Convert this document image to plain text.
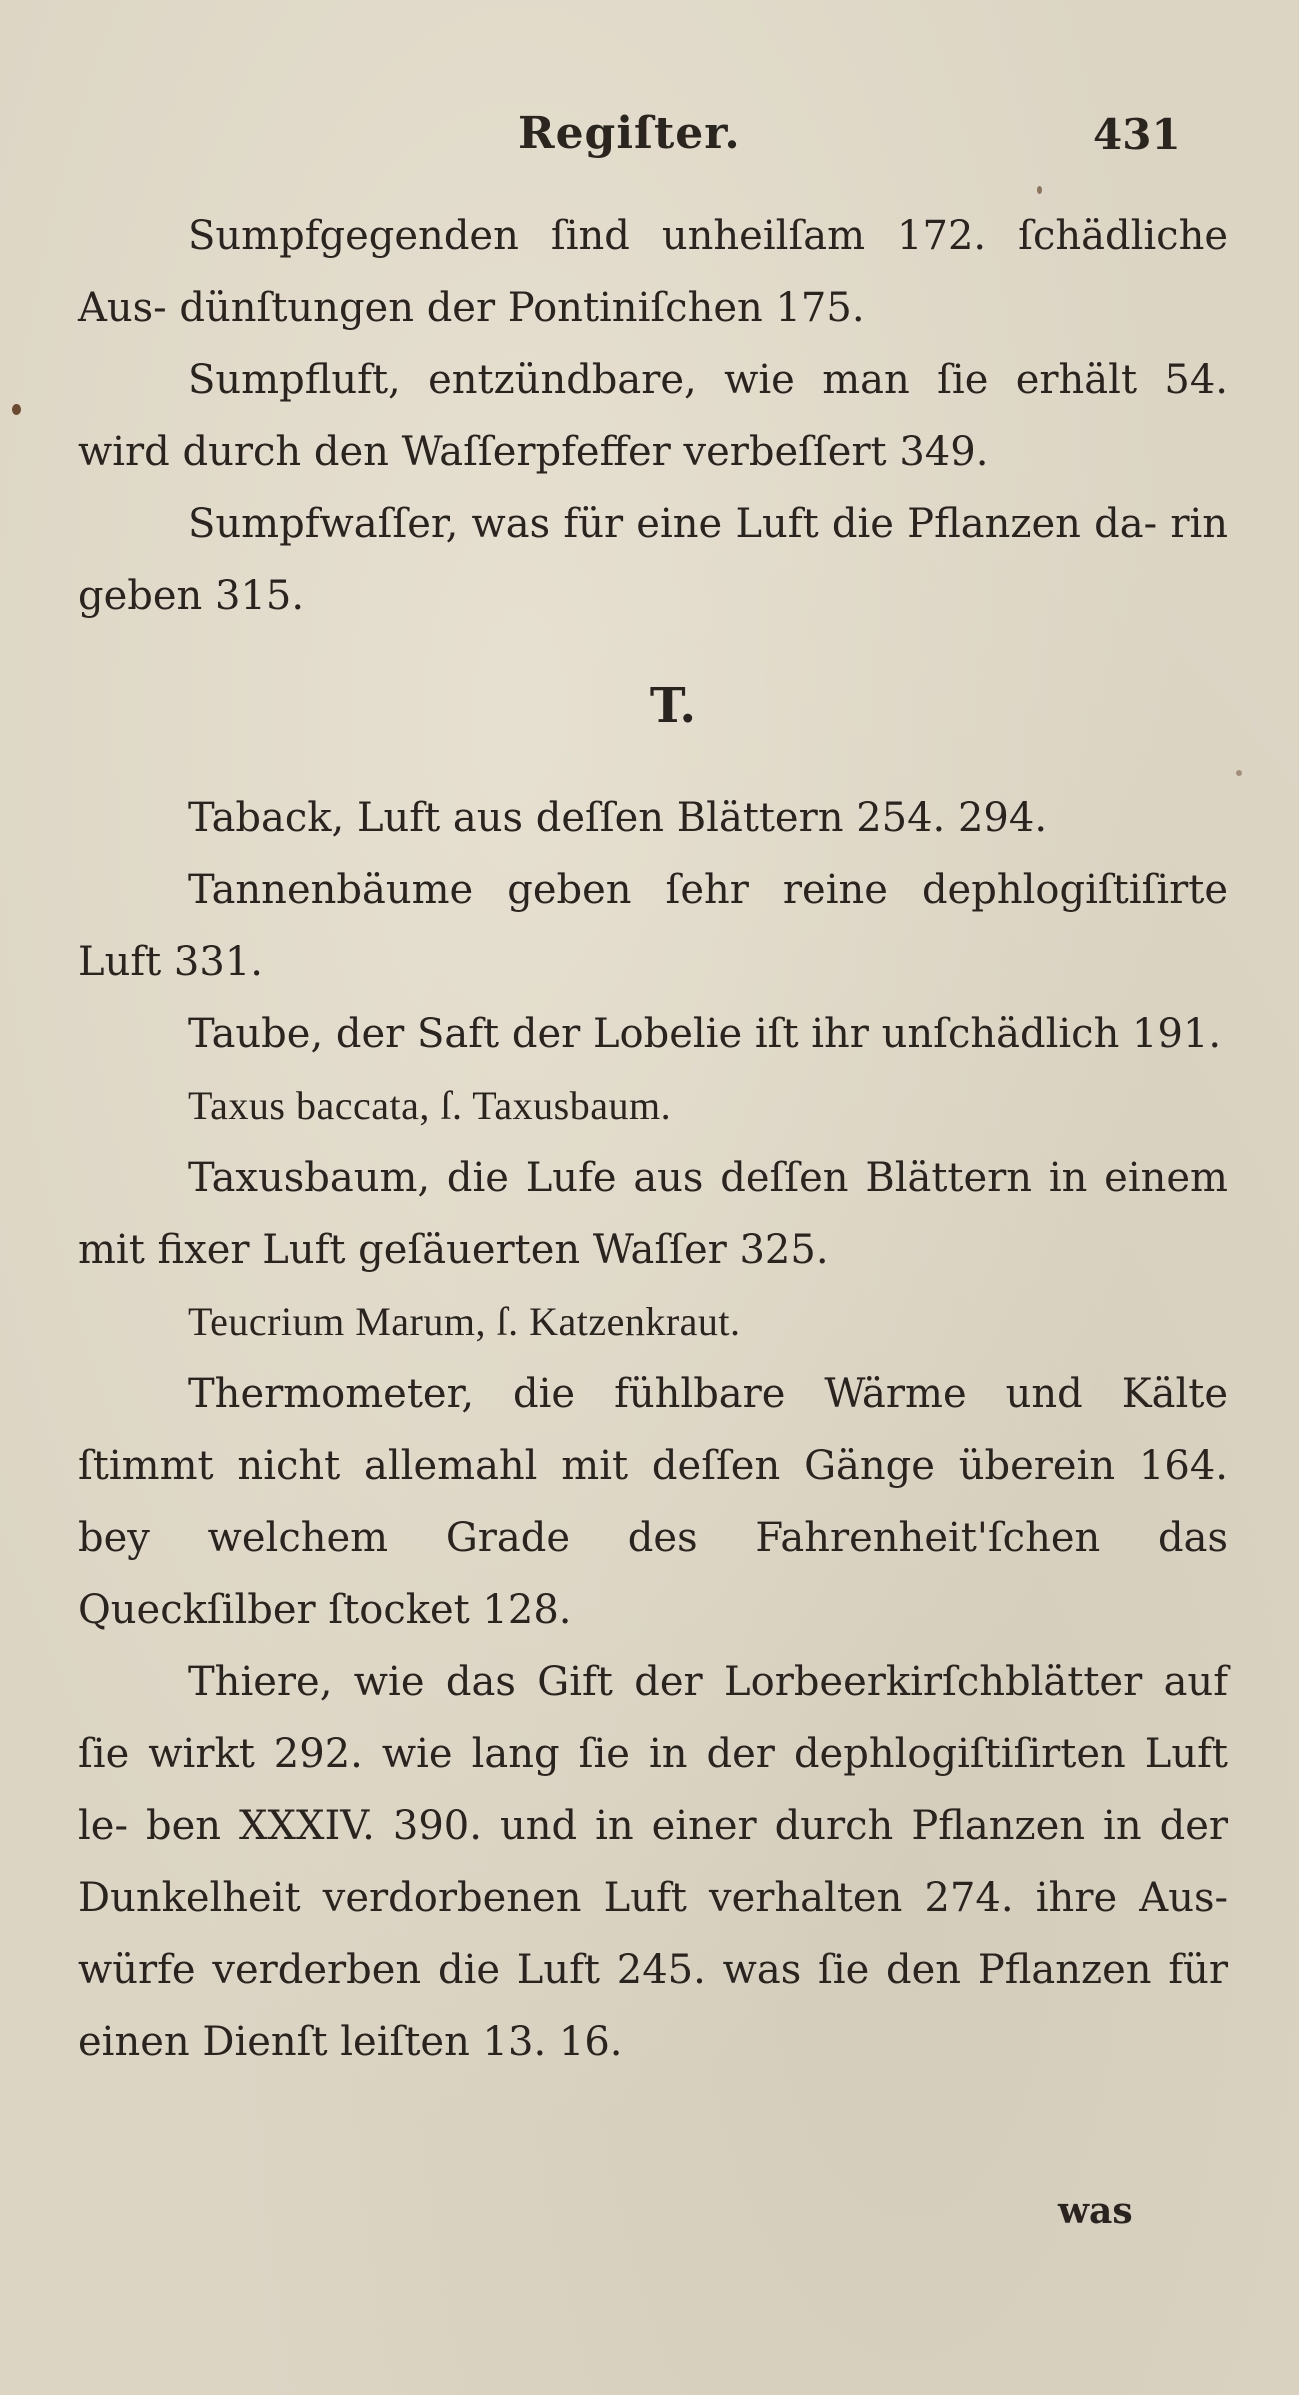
Regiſter.	431

Sumpfgegenden ſind unheilſam 172. ſchädliche Aus- dünſtungen der Pontiniſchen 175.

Sumpfluft, entzündbare, wie man ſie erhält 54. wird durch den Waſſerpfeffer verbeſſert 349.

Sumpfwaſſer, was für eine Luft die Pflanzen da- rin geben 315.

T.

Taback, Luft aus deſſen Blättern 254. 294.

Tannenbäume geben ſehr reine dephlogiſtiſirte Luft 331.

Taube, der Saft der Lobelie iſt ihr unſchädlich 191.

Taxus baccata, ſ. Taxusbaum.

Taxusbaum, die Lufe aus deſſen Blättern in einem mit fixer Luft geſäuerten Waſſer 325.

Teucrium Marum, ſ. Katzenkraut.

Thermometer, die fühlbare Wärme und Kälte ſtimmt nicht allemahl mit deſſen Gänge überein 164. bey welchem Grade des Fahrenheit'ſchen das Queckſilber ſtocket 128.

Thiere, wie das Gift der Lorbeerkirſchblätter auf ſie wirkt 292. wie lang ſie in der dephlogiſtiſirten Luft le- ben XXXIV. 390. und in einer durch Pflanzen in der Dunkelheit verdorbenen Luft verhalten 274. ihre Aus- würfe verderben die Luft 245. was ſie den Pflanzen für einen Dienſt leiſten 13. 16.

was
